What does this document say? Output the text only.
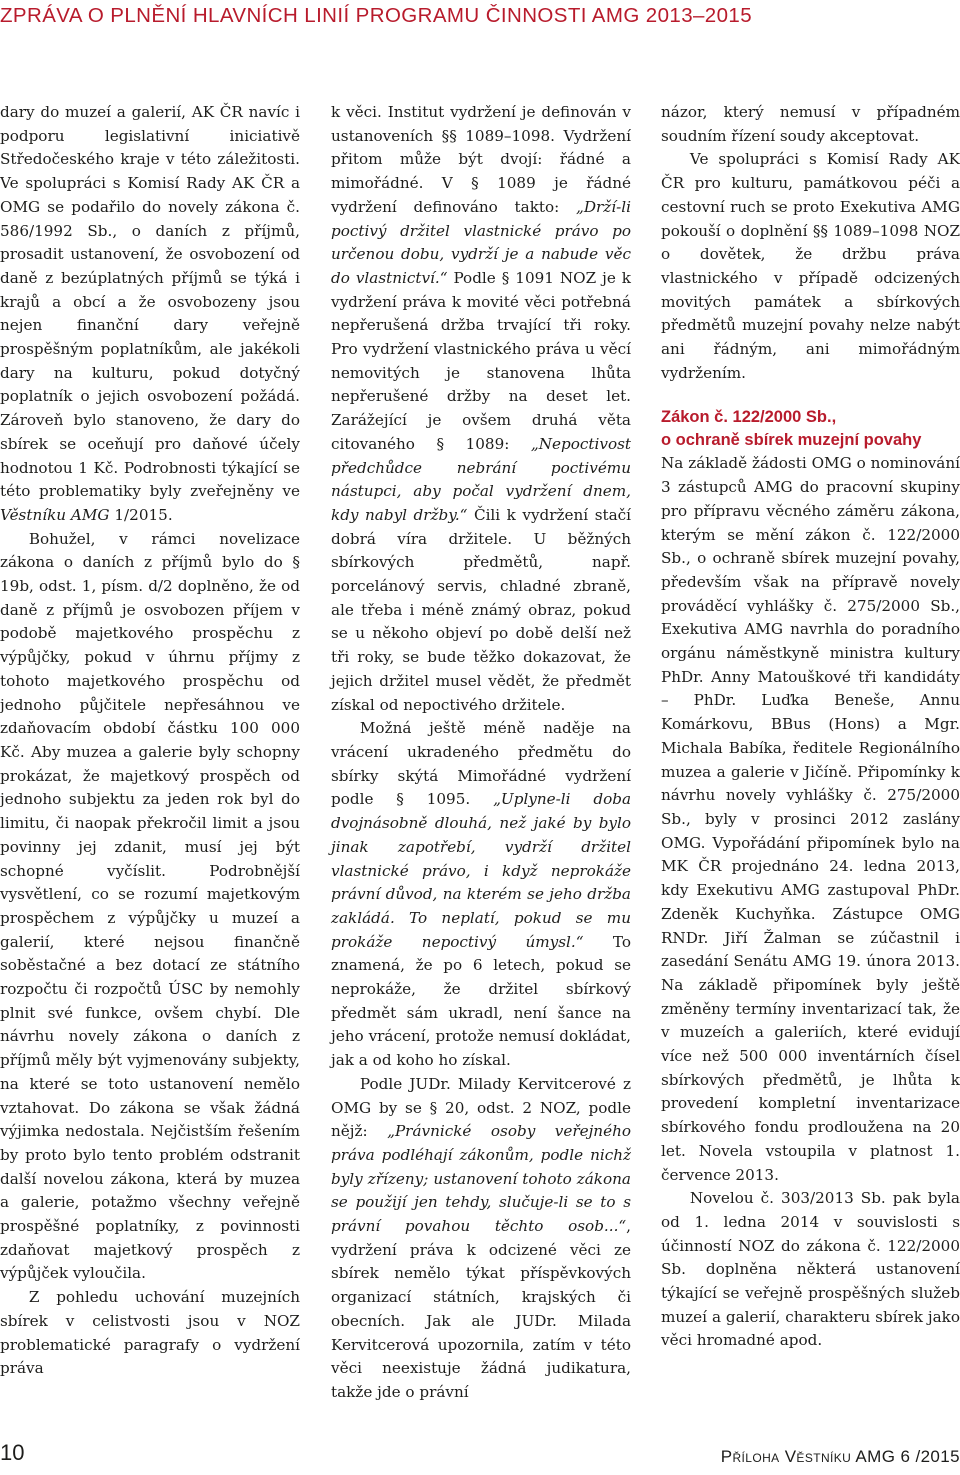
ZPRÁVA O PLNĚNÍ HLAVNÍCH LINIÍ PROGRAMU ČINNOSTI AMG 2013–2015

dary do muzeí a galerií, AK ČR navíc i podporu legislativní iniciativě Středočeského kraje v této záležitosti. Ve spolupráci s Komisí Rady AK ČR a OMG se podařilo do novely zákona č. 586/1992 Sb., o daních z příjmů, prosadit ustanovení, že osvobození od daně z bezúplatných příjmů se týká i krajů a obcí a že osvobozeny jsou nejen finanční dary veřejně prospěšným poplatníkům, ale jakékoli dary na kulturu, pokud dotyčný poplatník o jejich osvobození požádá. Zároveň bylo stanoveno, že dary do sbírek se oceňují pro daňové účely hodnotou 1 Kč. Podrobnosti týkající se této problematiky byly zveřejněny ve Věstníku AMG 1/2015.

Bohužel, v rámci novelizace zákona o daních z příjmů bylo do § 19b, odst. 1, písm. d/2 doplněno, že od daně z příjmů je osvobozen příjem v podobě majetkového prospěchu z výpůjčky, pokud v úhrnu příjmy z tohoto majetkového prospěchu od jednoho půjčitele nepřesáhnou ve zdaňovacím období částku 100 000 Kč. Aby muzea a galerie byly schopny prokázat, že majetkový prospěch od jednoho subjektu za jeden rok byl do limitu, či naopak překročil limit a jsou povinny jej zdanit, musí jej být schopné vyčíslit. Podrobnější vysvětlení, co se rozumí majetkovým prospěchem z výpůjčky u muzeí a galerií, které nejsou finančně soběstačné a bez dotací ze státního rozpočtu či rozpočtů ÚSC by nemohly plnit své funkce, ovšem chybí. Dle návrhu novely zákona o daních z příjmů měly být vyjmenovány subjekty, na které se toto ustanovení nemělo vztahovat. Do zákona se však žádná výjimka nedostala. Nejčistším řešením by proto bylo tento problém odstranit další novelou zákona, která by muzea a galerie, potažmo všechny veřejně prospěšné poplatníky, z povinnosti zdaňovat majetkový prospěch z výpůjček vyloučila.

Z pohledu uchování muzejních sbírek v celistvosti jsou v NOZ problematické paragrafy o vydržení práva

k věci. Institut vydržení je definován v ustanoveních §§ 1089–1098. Vydržení přitom může být dvojí: řádné a mimořádné. V § 1089 je řádné vydržení definováno takto: „Drží-li poctivý držitel vlastnické právo po určenou dobu, vydrží je a nabude věc do vlastnictví.“ Podle § 1091 NOZ je k vydržení práva k movité věci potřebná nepřerušená držba trvající tři roky. Pro vydržení vlastnického práva u věcí nemovitých je stanovena lhůta nepřerušené držby na deset let. Zarážející je ovšem druhá věta citovaného § 1089: „Nepoctivost předchůdce nebrání poctivému nástupci, aby počal vydržení dnem, kdy nabyl držby.“ Čili k vydržení stačí dobrá víra držitele. U běžných sbírkových předmětů, např. porcelánový servis, chladné zbraně, ale třeba i méně známý obraz, pokud se u někoho objeví po době delší než tři roky, se bude těžko dokazovat, že jejich držitel musel vědět, že předmět získal od nepoctivého držitele.

Možná ještě méně naděje na vrácení ukradeného předmětu do sbírky skýtá Mimořádné vydržení podle § 1095. „Uplyne-li doba dvojnásobně dlouhá, než jaké by bylo jinak zapotřebí, vydrží držitel vlastnické právo, i když neprokáže právní důvod, na kterém se jeho držba zakládá. To neplatí, pokud se mu prokáže nepoctivý úmysl.“ To znamená, že po 6 letech, pokud se neprokáže, že držitel sbírkový předmět sám ukradl, není šance na jeho vrácení, protože nemusí dokládat, jak a od koho ho získal.

Podle JUDr. Milady Kervitcerové z OMG by se § 20, odst. 2 NOZ, podle nějž: „Právnické osoby veřejného práva podléhají zákonům, podle nichž byly zřízeny; ustanovení tohoto zákona se použijí jen tehdy, slučuje-li se to s právní povahou těchto osob...“, vydržení práva k odcizené věci ze sbírek nemělo týkat příspěvkových organizací státních, krajských či obecních. Jak ale JUDr. Milada Kervitcerová upozornila, zatím v této věci neexistuje žádná judikatura, takže jde o právní

názor, který nemusí v případném soudním řízení soudy akceptovat.

Ve spolupráci s Komisí Rady AK ČR pro kulturu, památkovou péči a cestovní ruch se proto Exekutiva AMG pokouší o doplnění §§ 1089–1098 NOZ o dovětek, že držbu práva vlastnického v případě odcizených movitých památek a sbírkových předmětů muzejní povahy nelze nabýt ani řádným, ani mimořádným vydržením.

Zákon č. 122/2000 Sb.,
o ochraně sbírek muzejní povahy

Na základě žádosti OMG o nominování 3 zástupců AMG do pracovní skupiny pro přípravu věcného záměru zákona, kterým se mění zákon č. 122/2000 Sb., o ochraně sbírek muzejní povahy, především však na přípravě novely prováděcí vyhlášky č. 275/2000 Sb., Exekutiva AMG navrhla do poradního orgánu náměstkyně ministra kultury PhDr. Anny Matouškové tři kandidáty – PhDr. Luďka Beneše, Annu Komárkovu, BBus (Hons) a Mgr. Michala Babíka, ředitele Regionálního muzea a galerie v Jičíně. Připomínky k návrhu novely vyhlášky č. 275/2000 Sb., byly v prosinci 2012 zaslány OMG. Vypořádání připomínek bylo na MK ČR projednáno 24. ledna 2013, kdy Exekutivu AMG zastupoval PhDr. Zdeněk Kuchyňka. Zástupce OMG RNDr. Jiří Žalman se zúčastnil i zasedání Senátu AMG 19. února 2013. Na základě připomínek byly ještě změněny termíny inventarizací tak, že v muzeích a galeriích, které evidují více než 500 000 inventárních čísel sbírkových předmětů, je lhůta k provedení kompletní inventarizace sbírkového fondu prodloužena na 20 let. Novela vstoupila v platnost 1. července 2013.

Novelou č. 303/2013 Sb. pak byla od 1. ledna 2014 v souvislosti s účinností NOZ do zákona č. 122/2000 Sb. doplněna některá ustanovení týkající se veřejně prospěšných služeb muzeí a galerií, charakteru sbírek jako věci hromadné apod.

10	Příloha Věstníku AMG 6 /2015
